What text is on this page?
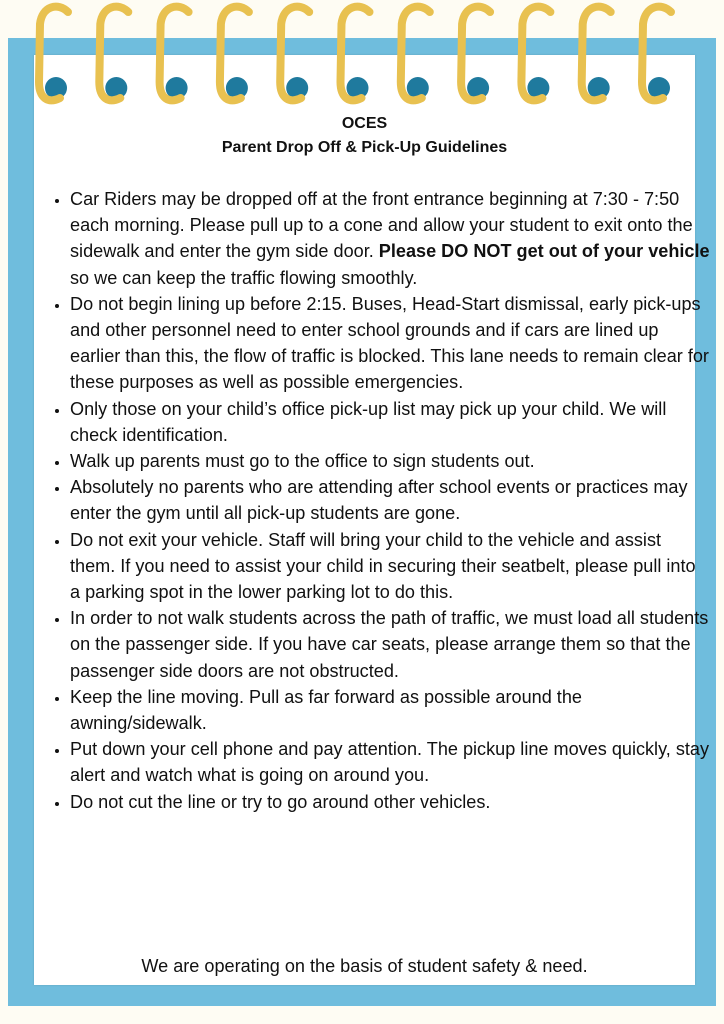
OCES
Parent Drop Off & Pick-Up Guidelines
• Car Riders may be dropped off at the front entrance beginning at 7:30 - 7:50 each morning. Please pull up to a cone and allow your student to exit onto the sidewalk and enter the gym side door. Please DO NOT get out of your vehicle so we can keep the traffic flowing smoothly.
• Do not begin lining up before 2:15. Buses, Head-Start dismissal, early pick-ups and other personnel need to enter school grounds and if cars are lined up earlier than this, the flow of traffic is blocked. This lane needs to remain clear for these purposes as well as possible emergencies.
• Only those on your child’s office pick-up list may pick up your child. We will check identification.
• Walk up parents must go to the office to sign students out.
• Absolutely no parents who are attending after school events or practices may enter the gym until all pick-up students are gone.
• Do not exit your vehicle. Staff will bring your child to the vehicle and assist them. If you need to assist your child in securing their seatbelt, please pull into a parking spot in the lower parking lot to do this.
• In order to not walk students across the path of traffic, we must load all students on the passenger side. If you have car seats, please arrange them so that the passenger side doors are not obstructed.
• Keep the line moving. Pull as far forward as possible around the awning/sidewalk.
• Put down your cell phone and pay attention. The pickup line moves quickly, stay alert and watch what is going on around you.
• Do not cut the line or try to go around other vehicles.
We are operating on the basis of student safety & need.
